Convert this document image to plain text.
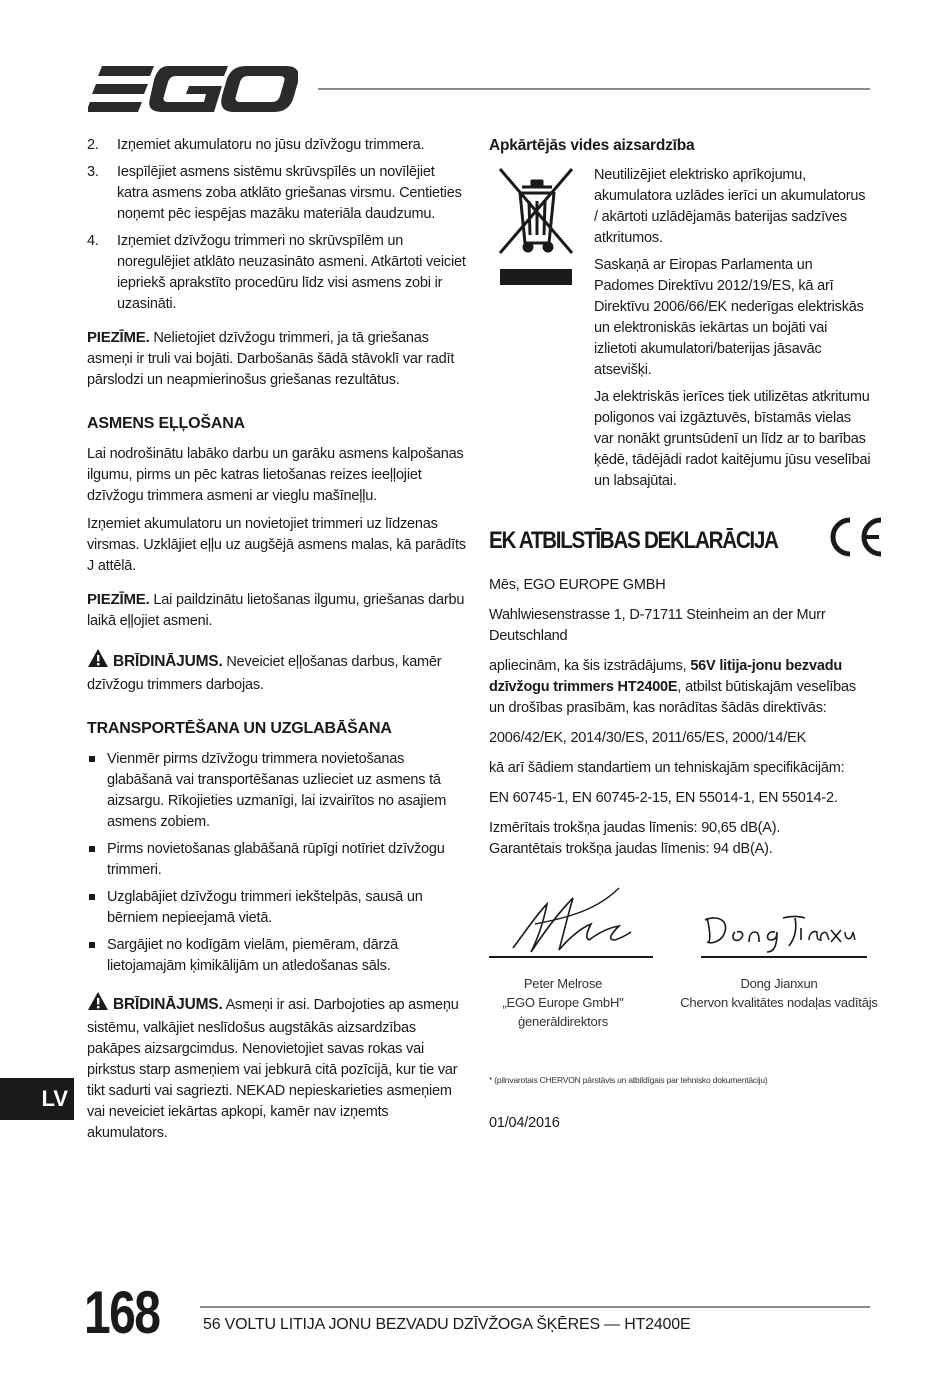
2. Izņemiet akumulatoru no jūsu dzīvžogu trimmera.
3. Iespīlējiet asmens sistēmu skrūvspīlēs un novīlējiet katra asmens zoba atklāto griešanas virsmu. Centieties noņemt pēc iespējas mazāku materiāla daudzumu.
4. Izņemiet dzīvžogu trimmeri no skrūvspīlēm un noregulējiet atklāto neuzasināto asmeni. Atkārtoti veiciet iepriekš aprakstīto procedūru līdz visi asmens zobi ir uzasināti.

PIEZĪME. Nelietojiet dzīvžogu trimmeri, ja tā griešanas asmeņi ir truli vai bojāti. Darbošanās šādā stāvoklī var radīt pārslodzi un neapmierinošus griešanas rezultātus.

ASMENS EĻĻOŠANA

Lai nodrošinātu labāko darbu un garāku asmens kalpošanas ilgumu, pirms un pēc katras lietošanas reizes ieeļļojiet dzīvžogu trimmera asmeni ar vieglu mašīneļļu.

Izņemiet akumulatoru un novietojiet trimmeri uz līdzenas virsmas. Uzklājiet eļļu uz augšējā asmens malas, kā parādīts J attēlā.

PIEZĪME. Lai paildzinātu lietošanas ilgumu, griešanas darbu laikā eļļojiet asmeni.

BRĪDINĀJUMS. Neveiciet eļļošanas darbus, kamēr dzīvžogu trimmers darbojas.

TRANSPORTĒŠANA UN UZGLABĀŠANA
Vienmēr pirms dzīvžogu trimmera novietošanas glabāšanā vai transportēšanas uzlieciet uz asmens tā aizsargu. Rīkojieties uzmanīgi, lai izvairītos no asajiem asmens zobiem.
Pirms novietošanas glabāšanā rūpīgi notīriet dzīvžogu trimmeri.
Uzglabājiet dzīvžogu trimmeri iekštelpās, sausā un bērniem nepieejamā vietā.
Sargājiet no kodīgām vielām, piemēram, dārzā lietojamajām ķimikālijām un atledošanas sāls.

BRĪDINĀJUMS. Asmeņi ir asi. Darbojoties ap asmeņu sistēmu, valkājiet neslīdošus augstākās aizsardzības pakāpes aizsargcimdus. Nenovietojiet savas rokas vai pirkstus starp asmeņiem vai jebkurā citā pozīcijā, kur tie var tikt sadurti vai sagriezti. NEKAD nepieskarieties asmeņiem vai neveiciet iekārtas apkopi, kamēr nav izņemts akumulators.

Apkārtējās vides aizsardzība

Neutilizējiet elektrisko aprīkojumu, akumulatora uzlādes ierīci un akumulatorus / akārtoti uzlādējamās baterijas sadzīves atkritumos.

Saskaņā ar Eiropas Parlamenta un Padomes Direktīvu 2012/19/ES, kā arī Direktīvu 2006/66/EK nederīgas elektriskās un elektroniskās iekārtas un bojāti vai izlietoti akumulatori/baterijas jāsavāc atsevišķi.

Ja elektriskās ierīces tiek utilizētas atkritumu poligonos vai izgāztuvēs, bīstamās vielas var nonākt gruntsūdenī un līdz ar to barības ķēdē, tādējādi radot kaitējumu jūsu veselībai un labsajūtai.

EK ATBILSTĪBAS DEKLARĀCIJA

Mēs, EGO EUROPE GMBH

Wahlwiesenstrasse 1, D-71711 Steinheim an der Murr Deutschland

apliecinām, ka šis izstrādājums, 56V litija-jonu bezvadu dzīvžogu trimmers HT2400E, atbilst būtiskajām veselības un drošības prasībām, kas norādītas šādās direktīvās:

2006/42/EK, 2014/30/ES, 2011/65/ES, 2000/14/EK

kā arī šādiem standartiem un tehniskajām specifikācijām:

EN 60745-1, EN 60745-2-15, EN 55014-1, EN 55014-2.

Izmērītais trokšņa jaudas līmenis: 90,65 dB(A).

Garantētais trokšņa jaudas līmenis: 94 dB(A).

Peter Melrose
„EGO Europe GmbH"
ģenerāldirektors
Dong Jianxun
Chervon kvalitātes nodaļas vadītājs
* (pilnvarotais CHERVON pārstāvis un atbildīgais par tehnisko dokumentāciju)
01/04/2016
LV
168	56 VOLTU LITIJA JONU BEZVADU DZĪVŽOGA ŠĶĒRES — HT2400E
